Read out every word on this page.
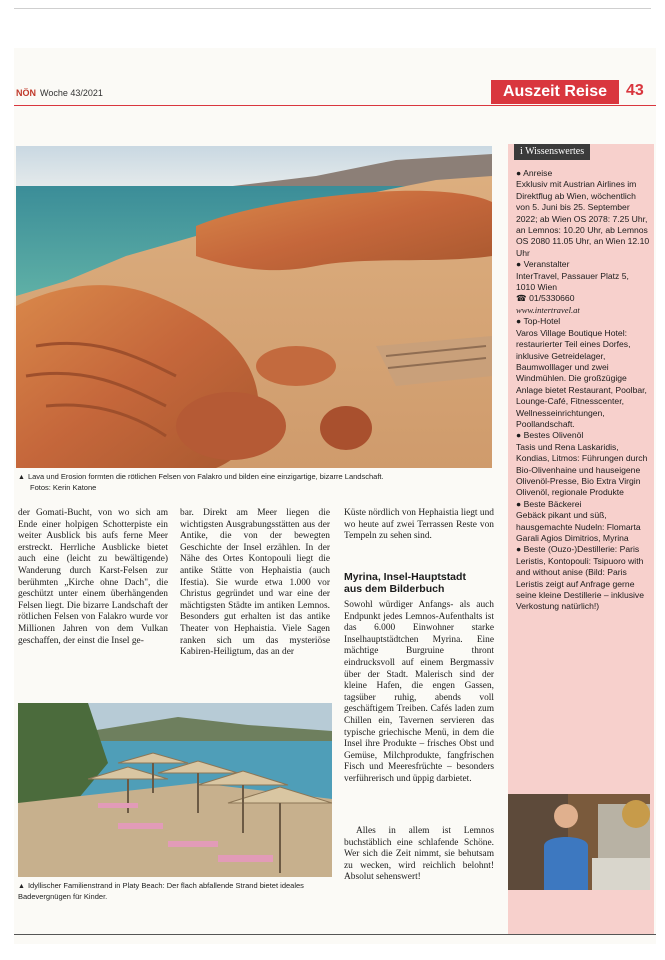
NÖN Woche 43/2021	Auszeit Reise	43
▲ Lava und Erosion formten die rötlichen Felsen von Falakro und bilden eine einzigartige, bizarre Landschaft.
Fotos: Kerin Katone
der Gomati-Bucht, von wo sich am Ende einer holpigen Schotterpiste ein weiter Ausblick bis aufs ferne Meer erstreckt. Herrliche Ausblicke bietet auch eine (leicht zu bewältigende) Wanderung durch Karst-Felsen zur berühmten „Kirche ohne Dach", die geschützt unter einem überhängenden Felsen liegt. Die bizarre Landschaft der rötlichen Felsen von Falakro wurde vor Millionen Jahren von dem Vulkan geschaffen, der einst die Insel ge-
bar. Direkt am Meer liegen die wichtigsten Ausgrabungsstätten aus der Antike, die von der bewegten Geschichte der Insel erzählen. In der Nähe des Ortes Kontopouli liegt die antike Stätte von Hephaistia (auch Ifestia). Sie wurde etwa 1.000 vor Christus gegründet und war eine der mächtigsten Städte im antiken Lemnos. Besonders gut erhalten ist das antike Theater von Hephaistia. Viele Sagen ranken sich um das mysteriöse Kabiren-Heiligtum, das an der
▲ Idyllischer Familienstrand in Platy Beach: Der flach abfallende Strand bietet ideales Badevergnügen für Kinder.
Küste nördlich von Hephaistia liegt und wo heute auf zwei Terrassen Reste von Tempeln zu sehen sind.
Myrina, Insel-Hauptstadt
aus dem Bilderbuch
Sowohl würdiger Anfangs- als auch Endpunkt jedes Lemnos-Aufenthalts ist das 6.000 Einwohner starke Inselhauptstädtchen Myrina. Eine mächtige Burgruine thront eindrucksvoll auf einem Bergmassiv über der Stadt. Malerisch sind der kleine Hafen, die engen Gassen, tagsüber ruhig, abends voll geschäftigem Treiben. Cafés laden zum Chillen ein, Tavernen servieren das typische griechische Menü, in dem die Insel ihre Produkte – frisches Obst und Gemüse, Milchprodukte, fangfrischen Fisch und Meeresfrüchte – besonders verführerisch und üppig darbietet.
Alles in allem ist Lemnos buchstäblich eine schlafende Schöne. Wer sich die Zeit nimmt, sie behutsam zu wecken, wird reichlich belohnt! Absolut sehenswert!
i Wissenswertes
● Anreise
Exklusiv mit Austrian Airlines im Direktflug ab Wien, wöchentlich von 5. Juni bis 25. September 2022; ab Wien OS 2078: 7.25 Uhr, an Lemnos: 10.20 Uhr, ab Lemnos OS 2080 11.05 Uhr, an Wien 12.10 Uhr
● Veranstalter
InterTravel, Passauer Platz 5, 1010 Wien
☎ 01/5330660
www.intertravel.at
● Top-Hotel
Varos Village Boutique Hotel: restaurierter Teil eines Dorfes, inklusive Getreidelager, Baumwolllager und zwei Windmühlen. Die großzügige Anlage bietet Restaurant, Poolbar, Lounge-Café, Fitnesscenter, Wellnesseinrichtungen, Poollandschaft.
● Bestes Olivenöl
Tasis und Rena Laskaridis, Kondias, Litmos: Führungen durch Bio-Olivenhaine und hauseigene Olivenöl-Presse, Bio Extra Virgin Olivenöl, regionale Produkte
● Beste Bäckerei
Gebäck pikant und süß, hausgemachte Nudeln: Flomarta Garali Agios Dimitrios, Myrina
● Beste (Ouzo-)Destillerie: Paris Leristis, Kontopouli: Tsipuoro with and without anise (Bild: Paris Leristis zeigt auf Anfrage gerne seine kleine Destillerie – inklusive Verkostung natürlich!)
